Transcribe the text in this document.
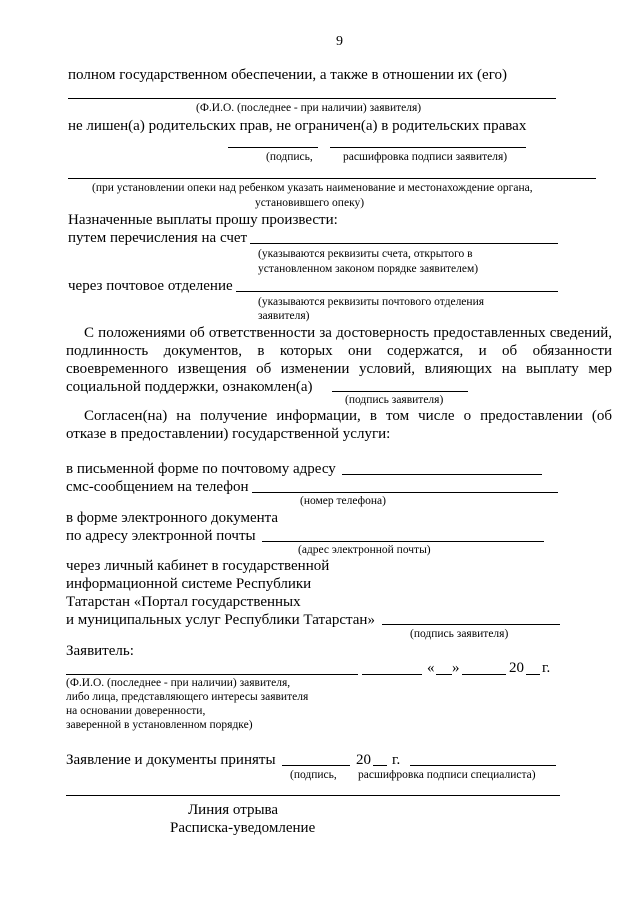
9
полном государственном обеспечении, а также в отношении их (его)
(Ф.И.О. (последнее - при наличии) заявителя)
не лишен(а) родительских прав, не ограничен(а) в родительских правах
(подпись,	расшифровка подписи заявителя)
(при установлении опеки над ребенком указать наименование и местонахождение органа,
установившего опеку)
Назначенные выплаты прошу произвести:
путем перечисления на счет
(указываются реквизиты счета, открытого в
установленном законом порядке заявителем)
через почтовое отделение
(указываются реквизиты почтового отделения
заявителя)
С положениями об ответственности за достоверность предоставленных сведений,
подлинность документов, в которых они содержатся, и об обязанности
своевременного извещения об изменении условий, влияющих на выплату мер
социальной поддержки, ознакомлен(а)
(подпись заявителя)
Согласен(на) на получение информации, в том числе о предоставлении (об
отказе в предоставлении) государственной услуги:
в письменной форме по почтовому адресу
смс-сообщением на телефон
(номер телефона)
в форме электронного документа
по адресу электронной почты
(адрес электронной почты)
через личный кабинет в государственной
информационной системе Республики
Татарстан «Портал государственных
и муниципальных услуг Республики Татарстан»
(подпись заявителя)
Заявитель:
« »	20 г.
(Ф.И.О. (последнее - при наличии) заявителя,
либо лица, представляющего интересы заявителя
на основании доверенности,
заверенной в установленном порядке)
Заявление и документы приняты	20 г.
(подпись, расшифровка подписи специалиста)
Линия отрыва
Расписка-уведомление
